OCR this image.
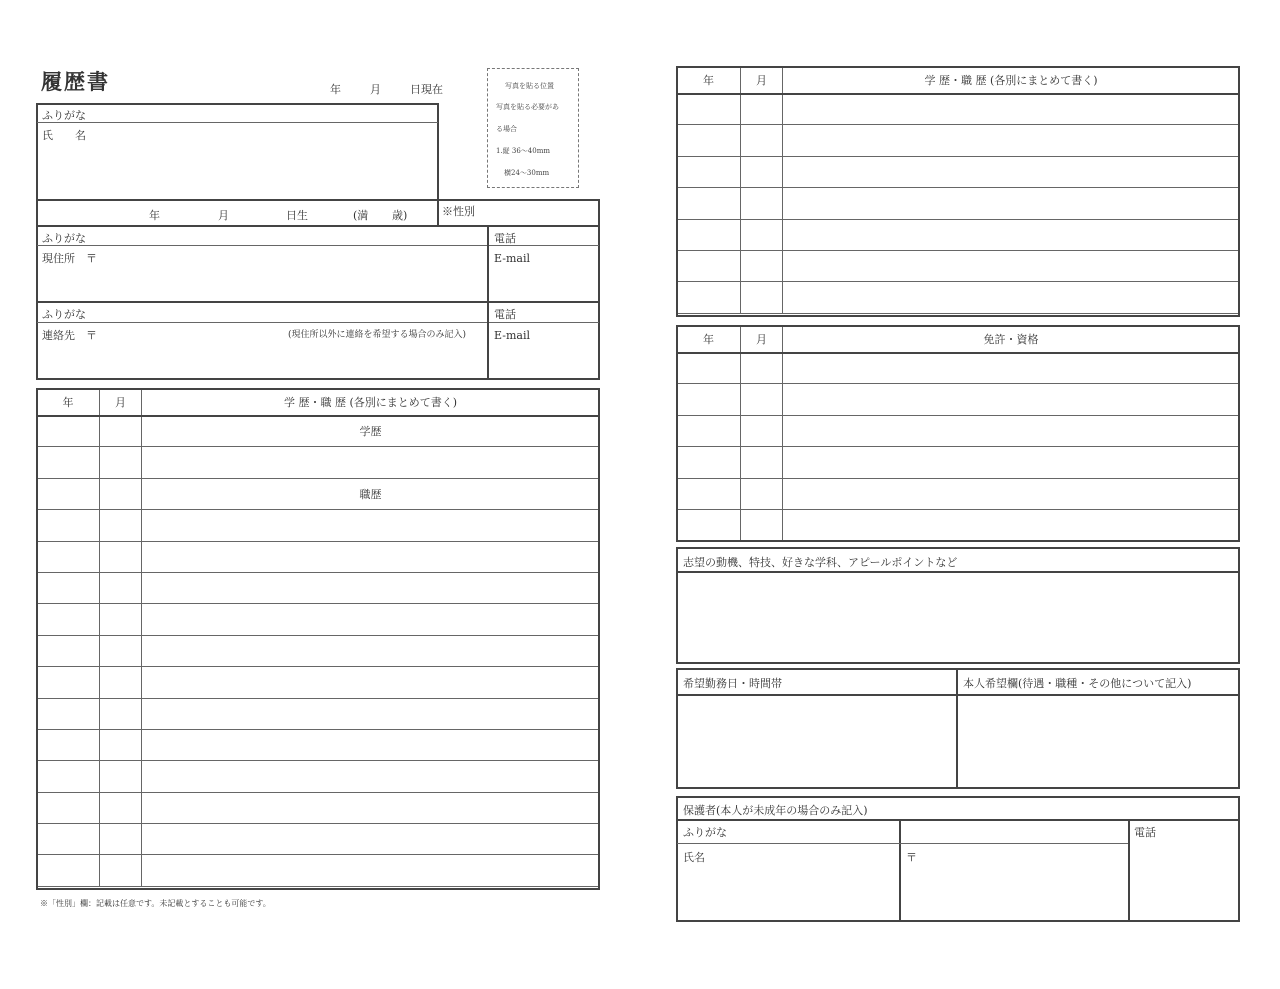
履歴書	年	月	日現在	写真を貼る位置
写真を貼る必要があ
る場合
1.縦 36〜40mm
横24〜30mm
ふりがな
氏　　名
年	月	日生	(満 歳)	※性別
ふりがな
現住所　〒
電話
E-mail
ふりがな
連絡先　〒	(現住所以外に連絡を希望する場合のみ記入)
電話
E-mail
年	月	学 歴・職 歴 (各別にまとめて書く)
		学歴

		職歴

※「性別」欄：記載は任意です。未記載とすることも可能です。
年	月	学 歴・職 歴 (各別にまとめて書く)

年	月	免許・資格

志望の動機、特技、好きな学科、アピールポイントなど
希望勤務日・時間帯	本人希望欄(待遇・職種・その他について記入)
保護者(本人が未成年の場合のみ記入)
ふりがな
氏名	〒
電話
